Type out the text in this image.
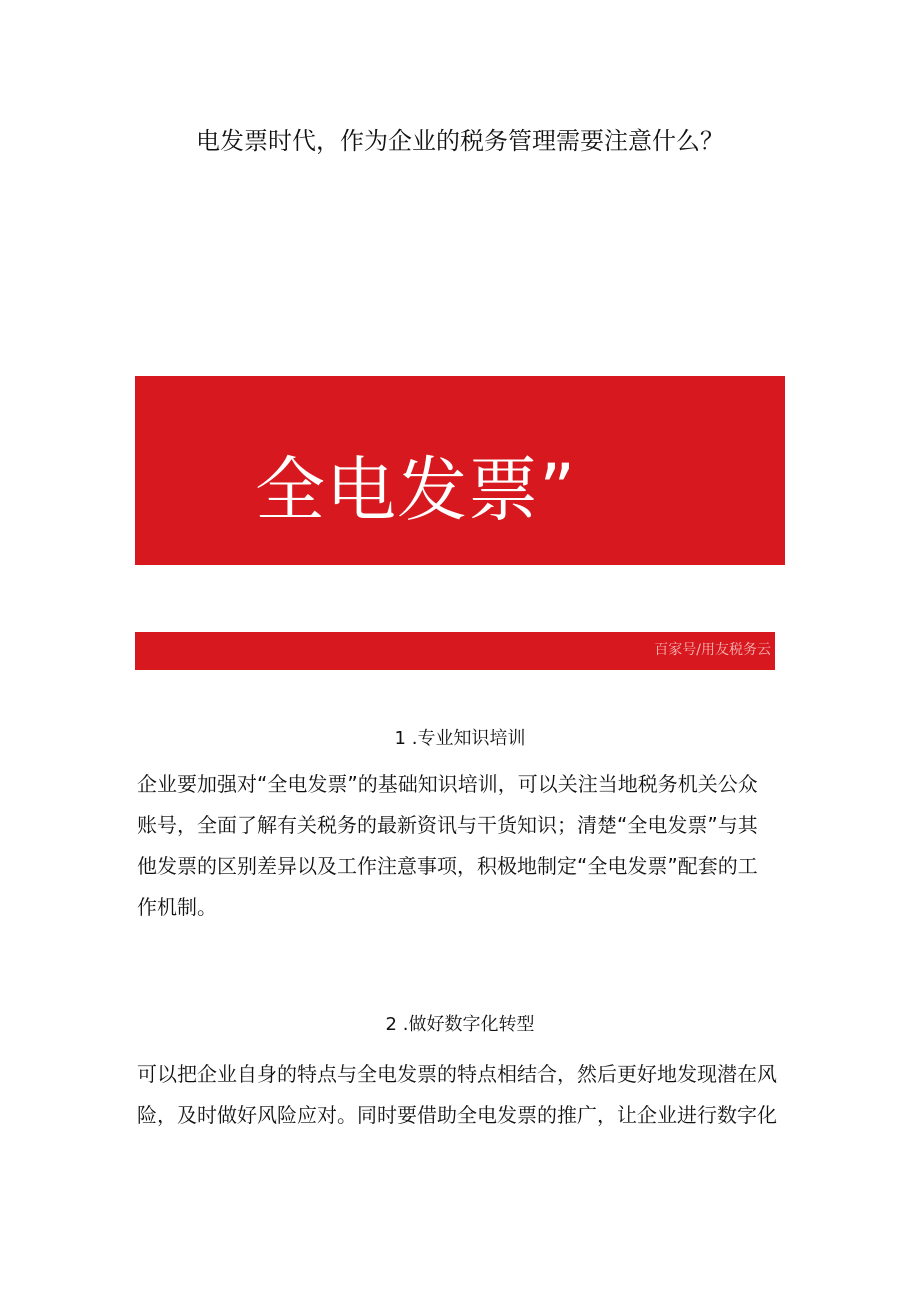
电发票时代，作为企业的税务管理需要注意什么？
全电发票”
百家号/用友税务云
1 .专业知识培训

企业要加强对“全电发票”的基础知识培训，可以关注当地税务机关公众
账号，全面了解有关税务的最新资讯与干货知识；清楚“全电发票”与其
他发票的区别差异以及工作注意事项，积极地制定“全电发票”配套的工
作机制。

2 .做好数字化转型

可以把企业自身的特点与全电发票的特点相结合，然后更好地发现潜在风
险，及时做好风险应对。同时要借助全电发票的推广，让企业进行数字化
